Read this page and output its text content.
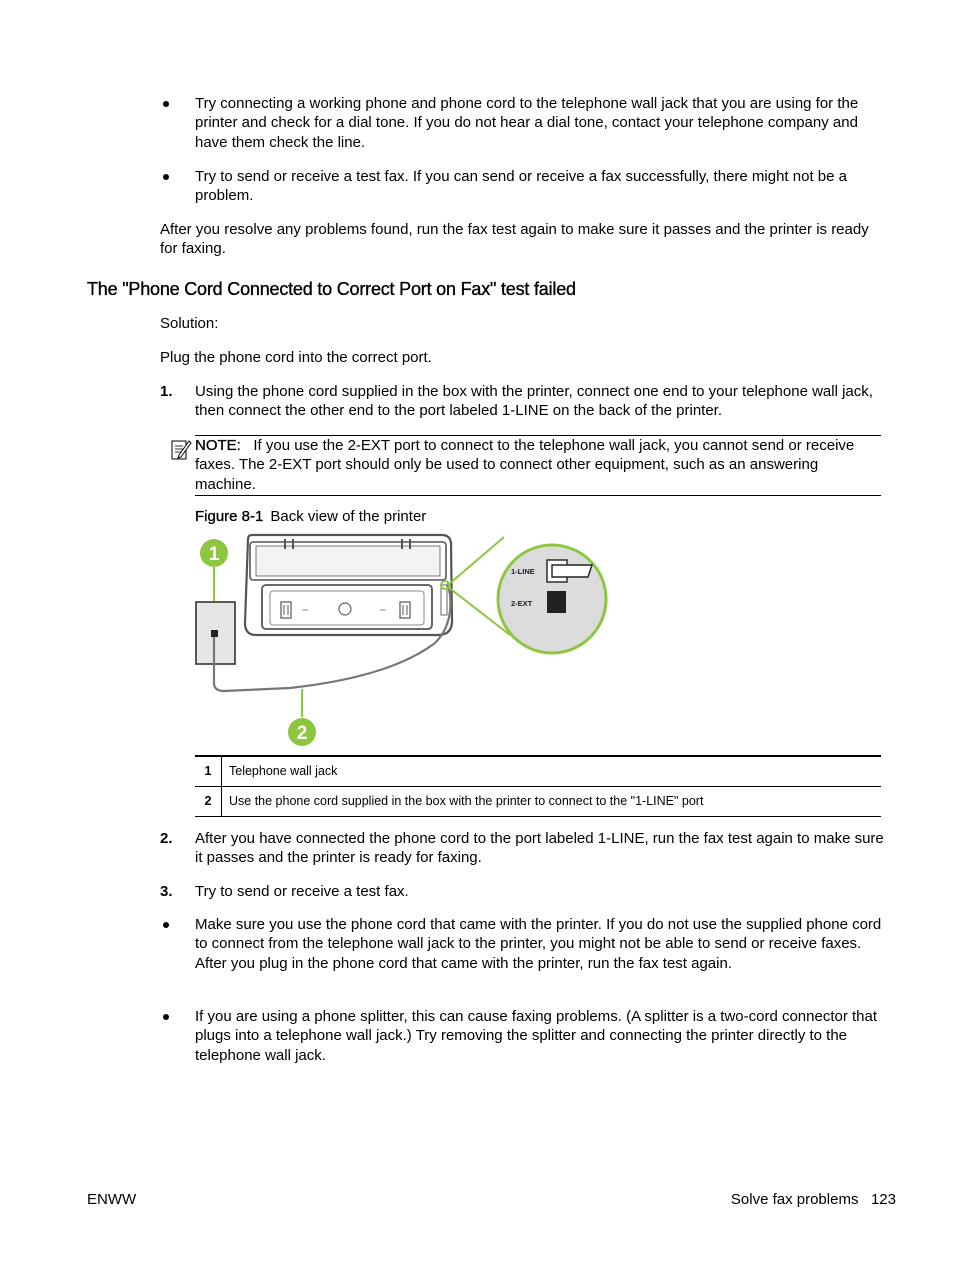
Try connecting a working phone and phone cord to the telephone wall jack that you are using for the printer and check for a dial tone. If you do not hear a dial tone, contact your telephone company and have them check the line.

Try to send or receive a test fax. If you can send or receive a fax successfully, there might not be a problem.

After you resolve any problems found, run the fax test again to make sure it passes and the printer is ready for faxing.

The "Phone Cord Connected to Correct Port on Fax" test failed

Solution:

Plug the phone cord into the correct port.

1. Using the phone cord supplied in the box with the printer, connect one end to your telephone wall jack, then connect the other end to the port labeled 1-LINE on the back of the printer.

NOTE: If you use the 2-EXT port to connect to the telephone wall jack, you cannot send or receive faxes. The 2-EXT port should only be used to connect other equipment, such as an answering machine.
Figure 8-1 Back view of the printer
1-LINE
2-EXT
1
2
1	Telephone wall jack
2	Use the phone cord supplied in the box with the printer to connect to the "1-LINE" port
2. After you have connected the phone cord to the port labeled 1-LINE, run the fax test again to make sure it passes and the printer is ready for faxing.

3. Try to send or receive a test fax.

Make sure you use the phone cord that came with the printer. If you do not use the supplied phone cord to connect from the telephone wall jack to the printer, you might not be able to send or receive faxes. After you plug in the phone cord that came with the printer, run the fax test again.

If you are using a phone splitter, this can cause faxing problems. (A splitter is a two-cord connector that plugs into a telephone wall jack.) Try removing the splitter and connecting the printer directly to the telephone wall jack.

ENWW	Solve fax problems 123
